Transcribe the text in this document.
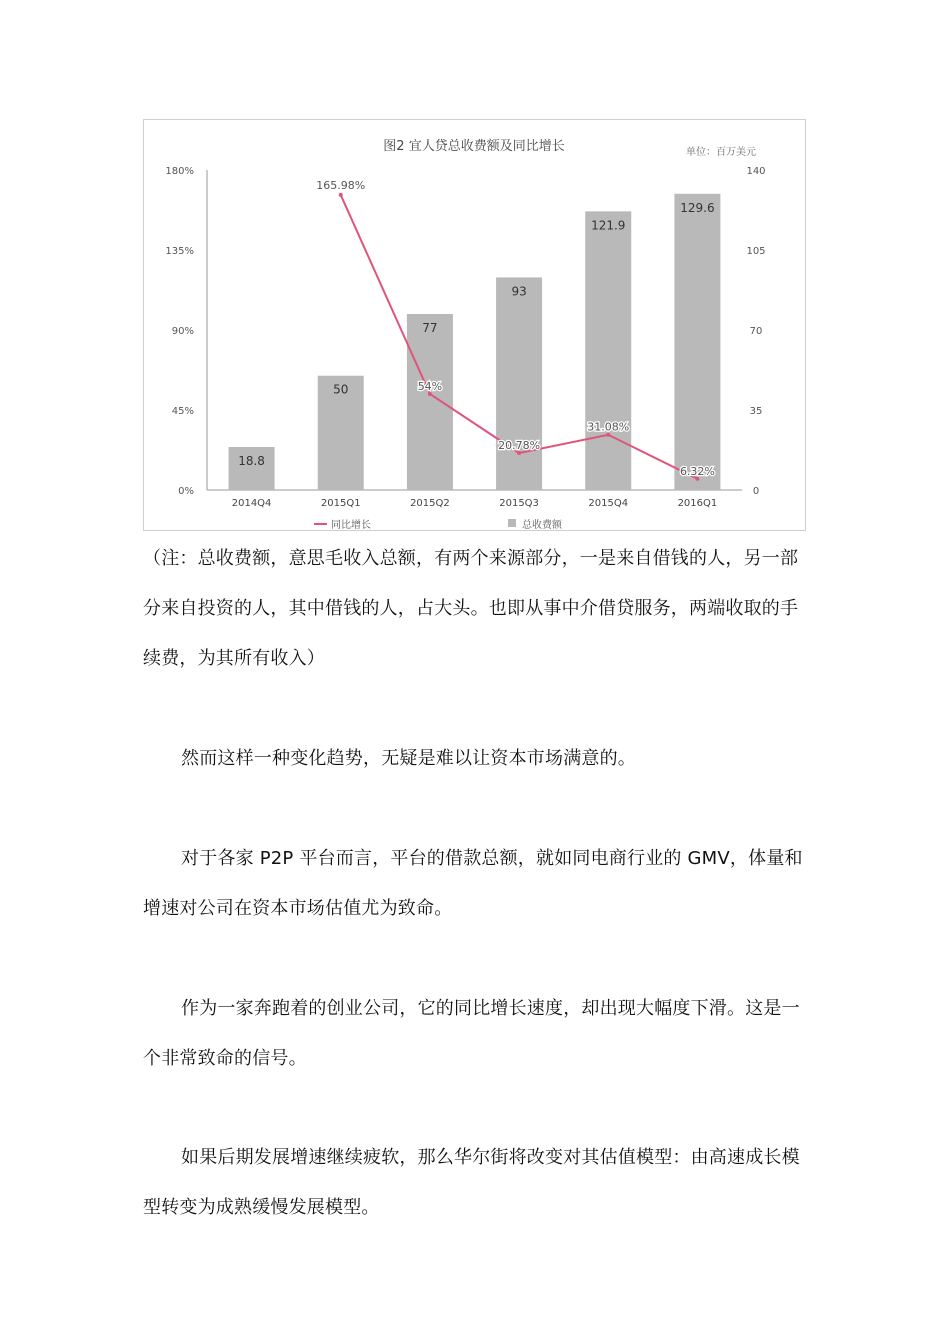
图2 宜人贷总收费额及同比增长	单位：百万美元
0%
45%
90%
135%
180%
0
35
70
105
140
18.8
50
77
93
121.9
129.6
165.98%
54%
20.78%
31.08%
6.32%
2014Q4	2015Q1	2015Q2	2015Q3	2015Q4	2016Q1
同比增长	总收费额

（注：总收费额，意思毛收入总额，有两个来源部分，一是来自借钱的人，另一部分来自投资的人，其中借钱的人，占大头。也即从事中介借贷服务，两端收取的手续费，为其所有收入）

然而这样一种变化趋势，无疑是难以让资本市场满意的。

对于各家 P2P 平台而言，平台的借款总额，就如同电商行业的 GMV，体量和增速对公司在资本市场估值尤为致命。

作为一家奔跑着的创业公司，它的同比增长速度，却出现大幅度下滑。这是一个非常致命的信号。

如果后期发展增速继续疲软，那么华尔街将改变对其估值模型：由高速成长模型转变为成熟缓慢发展模型。
